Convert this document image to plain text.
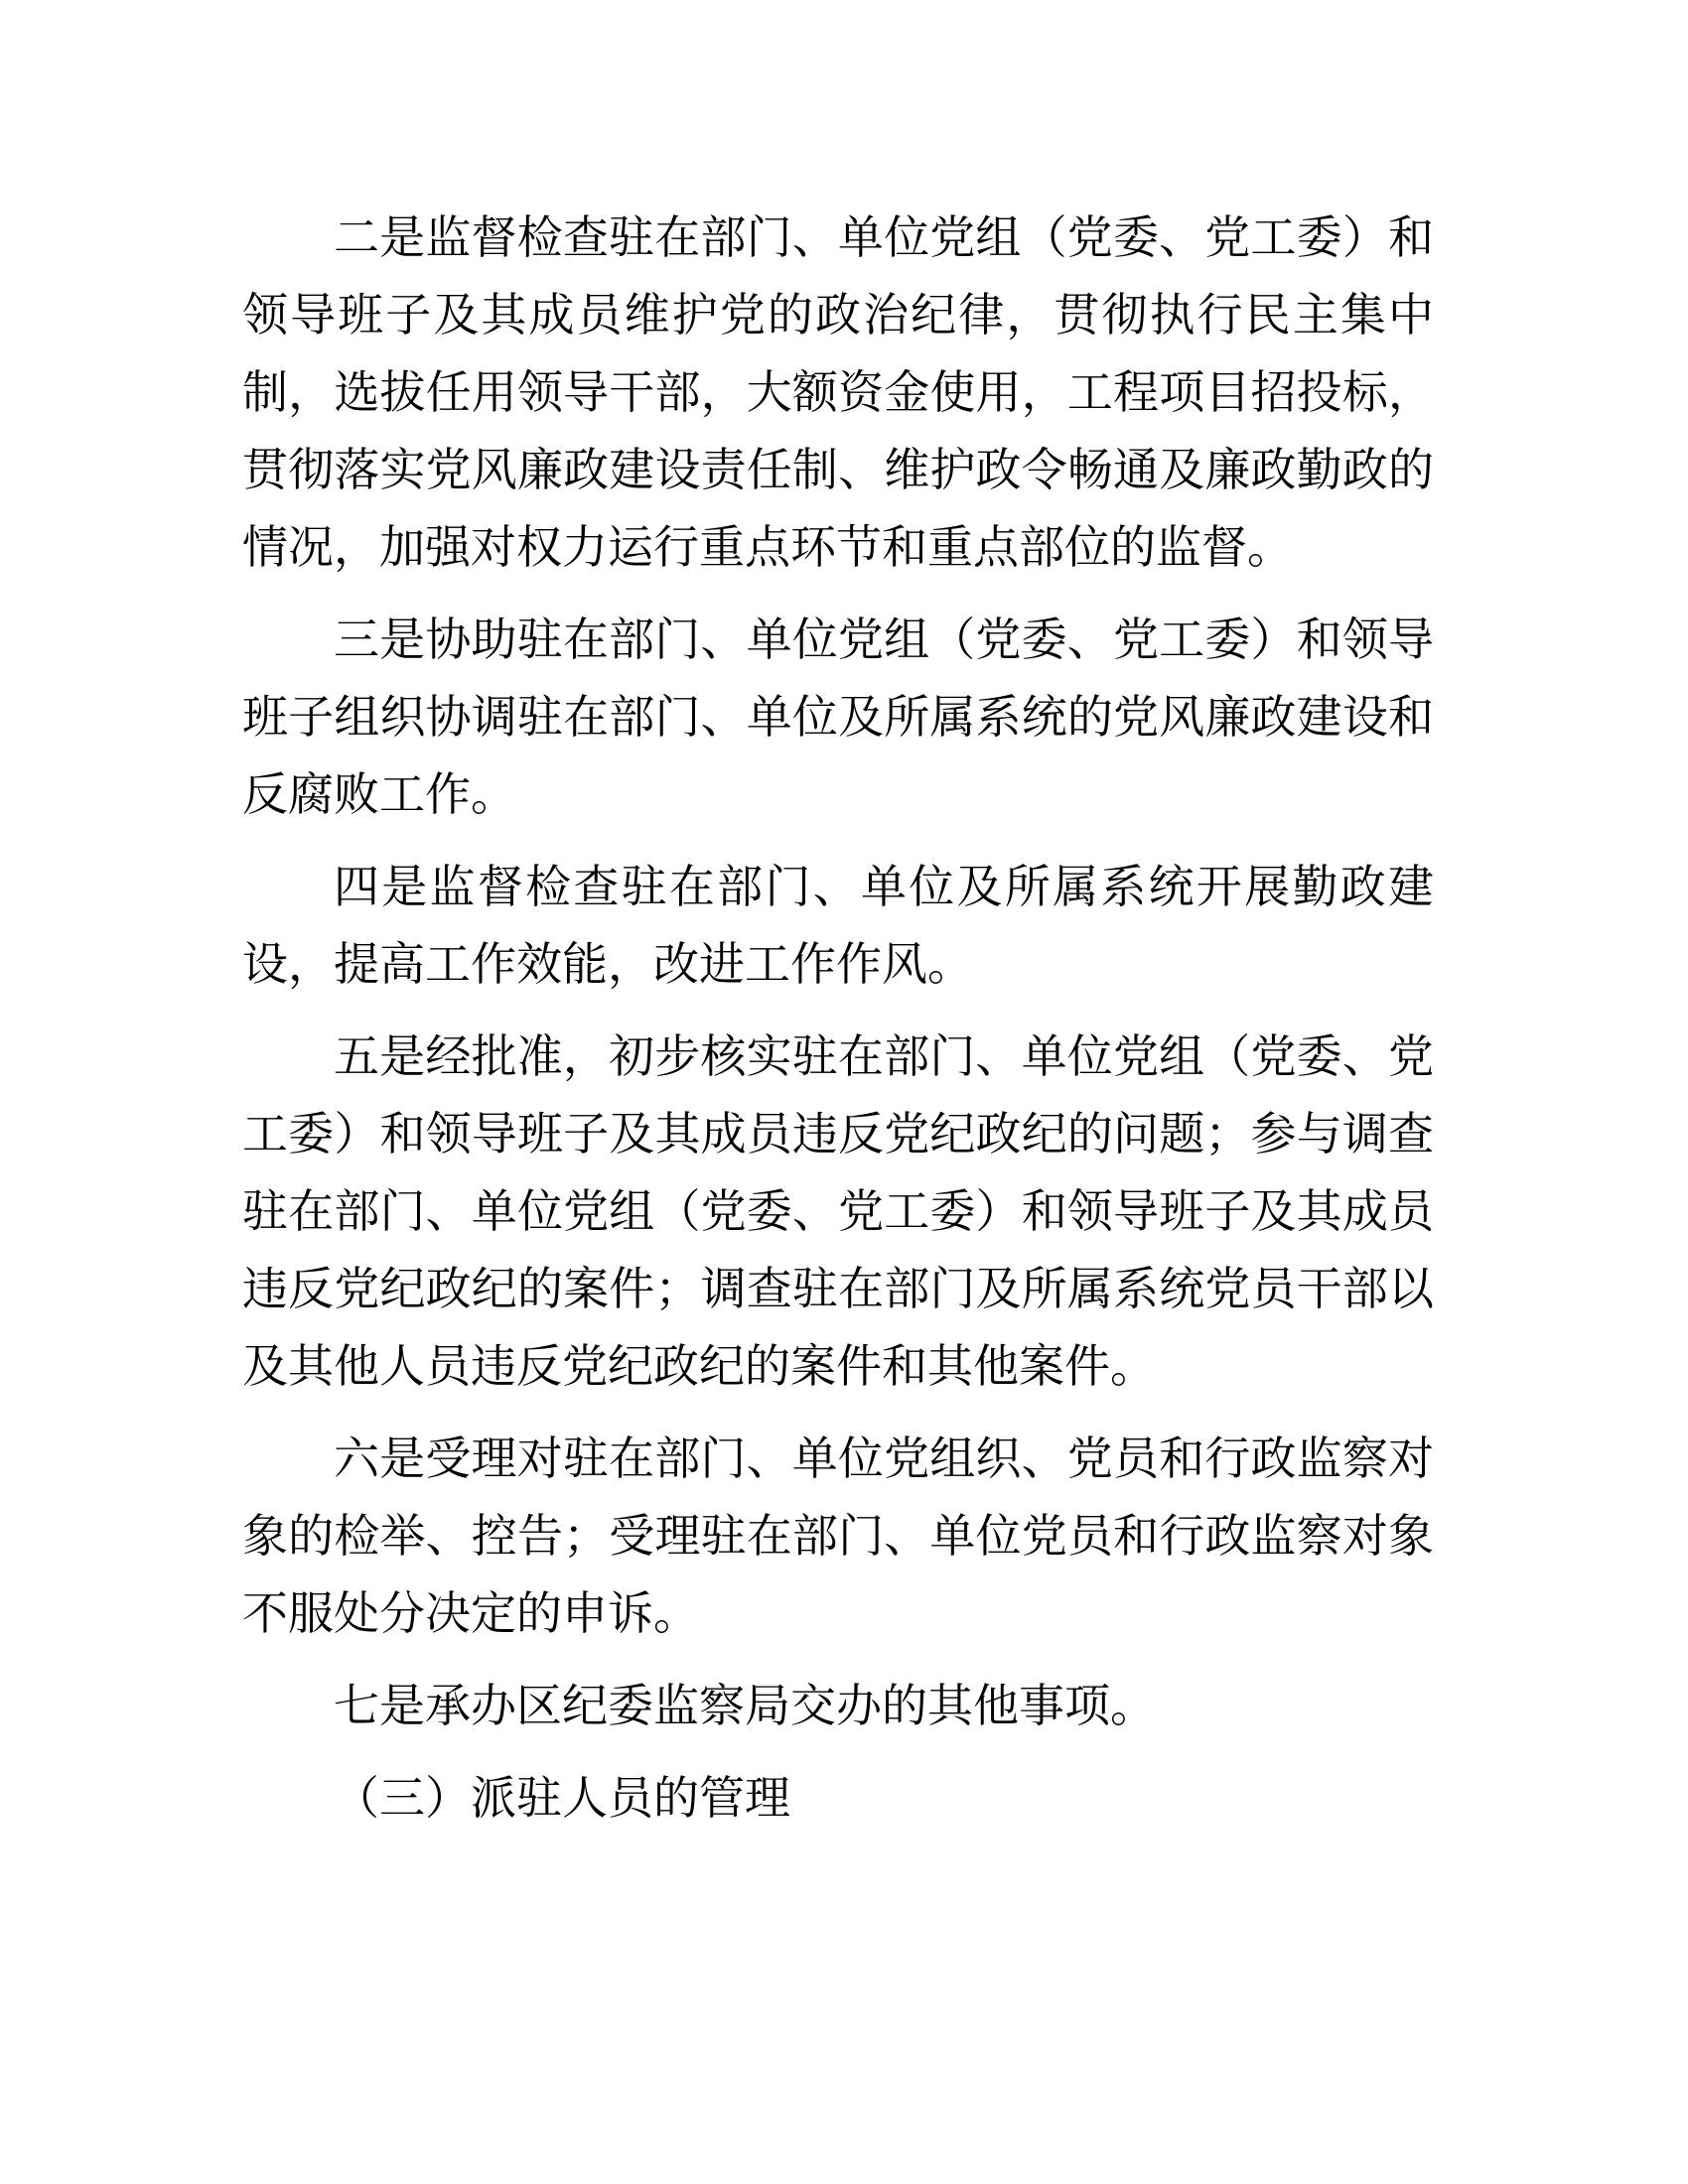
二是监督检查驻在部门、单位党组（党委、党工委）和领导班子及其成员维护党的政治纪律，贯彻执行民主集中制，选拔任用领导干部，大额资金使用，工程项目招投标，贯彻落实党风廉政建设责任制、维护政令畅通及廉政勤政的情况，加强对权力运行重点环节和重点部位的监督。

三是协助驻在部门、单位党组（党委、党工委）和领导班子组织协调驻在部门、单位及所属系统的党风廉政建设和反腐败工作。

四是监督检查驻在部门、单位及所属系统开展勤政建设，提高工作效能，改进工作作风。

五是经批准，初步核实驻在部门、单位党组（党委、党工委）和领导班子及其成员违反党纪政纪的问题；参与调查驻在部门、单位党组（党委、党工委）和领导班子及其成员违反党纪政纪的案件；调查驻在部门及所属系统党员干部以及其他人员违反党纪政纪的案件和其他案件。

六是受理对驻在部门、单位党组织、党员和行政监察对象的检举、控告；受理驻在部门、单位党员和行政监察对象不服处分决定的申诉。

七是承办区纪委监察局交办的其他事项。

（三）派驻人员的管理
